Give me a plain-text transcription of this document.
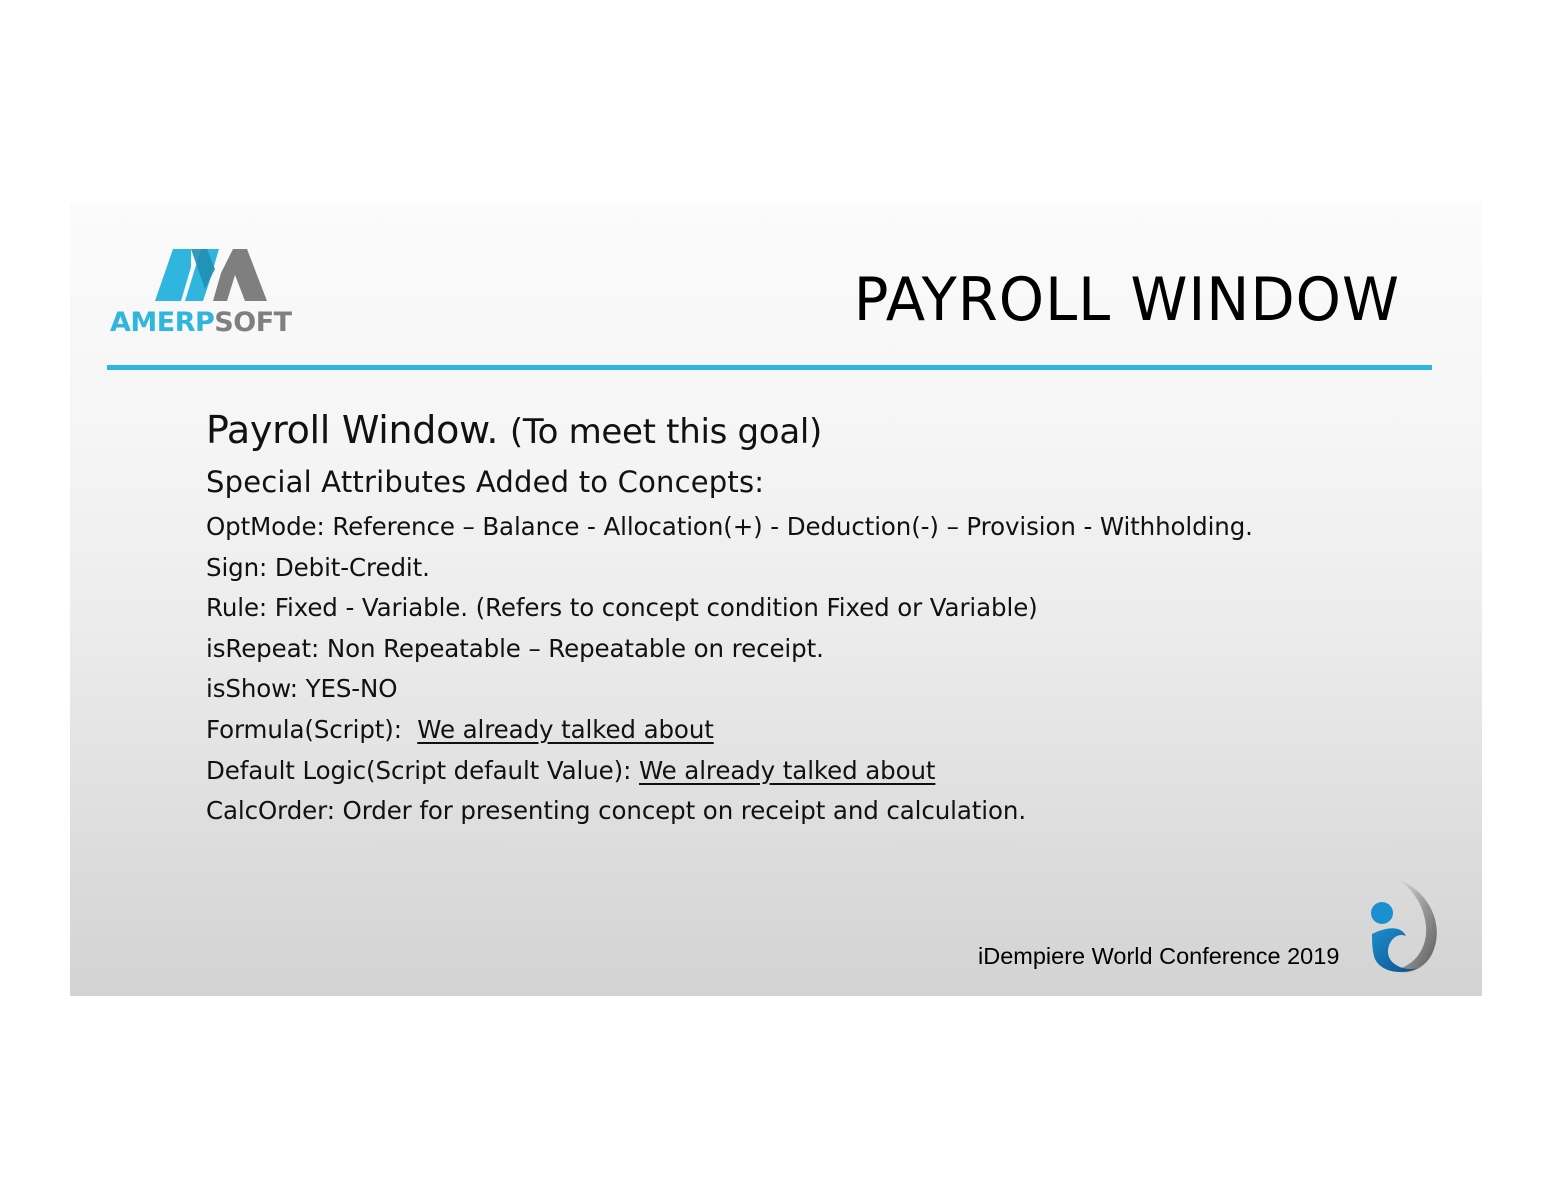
AMERPSOFT	PAYROLL WINDOW
Payroll Window. (To meet this goal)
Special Attributes Added to Concepts:
OptMode: Reference – Balance - Allocation(+) - Deduction(-) – Provision - Withholding.
Sign: Debit-Credit.
Rule: Fixed - Variable. (Refers to concept condition Fixed or Variable)
isRepeat: Non Repeatable – Repeatable on receipt.
isShow: YES-NO
Formula(Script):  We already talked about
Default Logic(Script default Value): We already talked about
CalcOrder: Order for presenting concept on receipt and calculation.
iDempiere World Conference 2019
